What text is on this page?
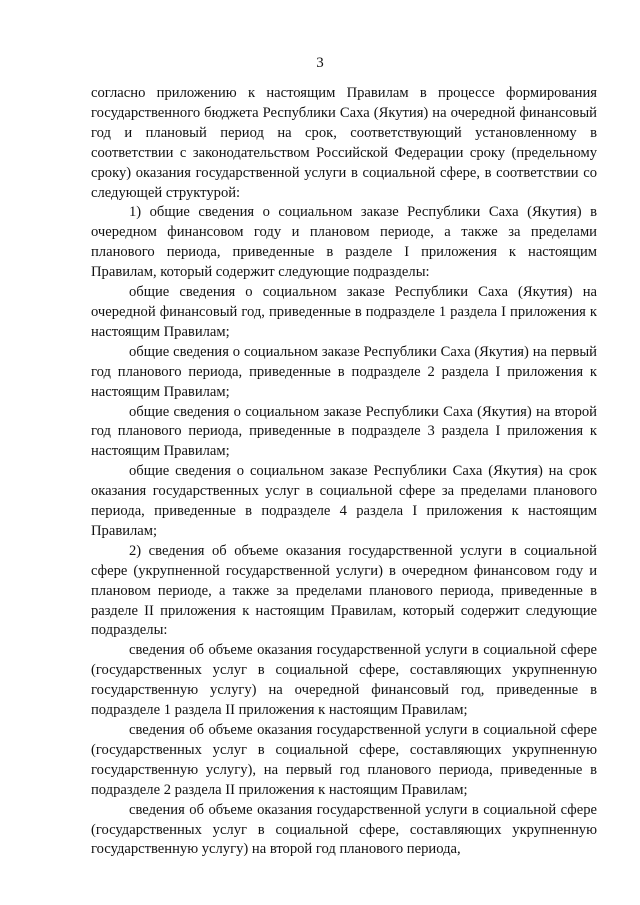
3

согласно приложению к настоящим Правилам в процессе формирования государственного бюджета Республики Саха (Якутия) на очередной финансовый год и плановый период на срок, соответствующий установленному в соответствии с законодательством Российской Федерации сроку (предельному сроку) оказания государственной услуги в социальной сфере, в соответствии со следующей структурой:

1) общие сведения о социальном заказе Республики Саха (Якутия) в очередном финансовом году и плановом периоде, а также за пределами планового периода, приведенные в разделе I приложения к настоящим Правилам, который содержит следующие подразделы:

общие сведения о социальном заказе Республики Саха (Якутия) на очередной финансовый год, приведенные в подразделе 1 раздела I приложения к настоящим Правилам;

общие сведения о социальном заказе Республики Саха (Якутия) на первый год планового периода, приведенные в подразделе 2 раздела I приложения к настоящим Правилам;

общие сведения о социальном заказе Республики Саха (Якутия) на второй год планового периода, приведенные в подразделе 3 раздела I приложения к настоящим Правилам;

общие сведения о социальном заказе Республики Саха (Якутия) на срок оказания государственных услуг в социальной сфере за пределами планового периода, приведенные в подразделе 4 раздела I приложения к настоящим Правилам;

2) сведения об объеме оказания государственной услуги в социальной сфере (укрупненной государственной услуги) в очередном финансовом году и плановом периоде, а также за пределами планового периода, приведенные в разделе II приложения к настоящим Правилам, который содержит следующие подразделы:

сведения об объеме оказания государственной услуги в социальной сфере (государственных услуг в социальной сфере, составляющих укрупненную государственную услугу) на очередной финансовый год, приведенные в подразделе 1 раздела II приложения к настоящим Правилам;

сведения об объеме оказания государственной услуги в социальной сфере (государственных услуг в социальной сфере, составляющих укрупненную государственную услугу), на первый год планового периода, приведенные в подразделе 2 раздела II приложения к настоящим Правилам;

сведения об объеме оказания государственной услуги в социальной сфере (государственных услуг в социальной сфере, составляющих укрупненную государственную услугу) на второй год планового периода,
